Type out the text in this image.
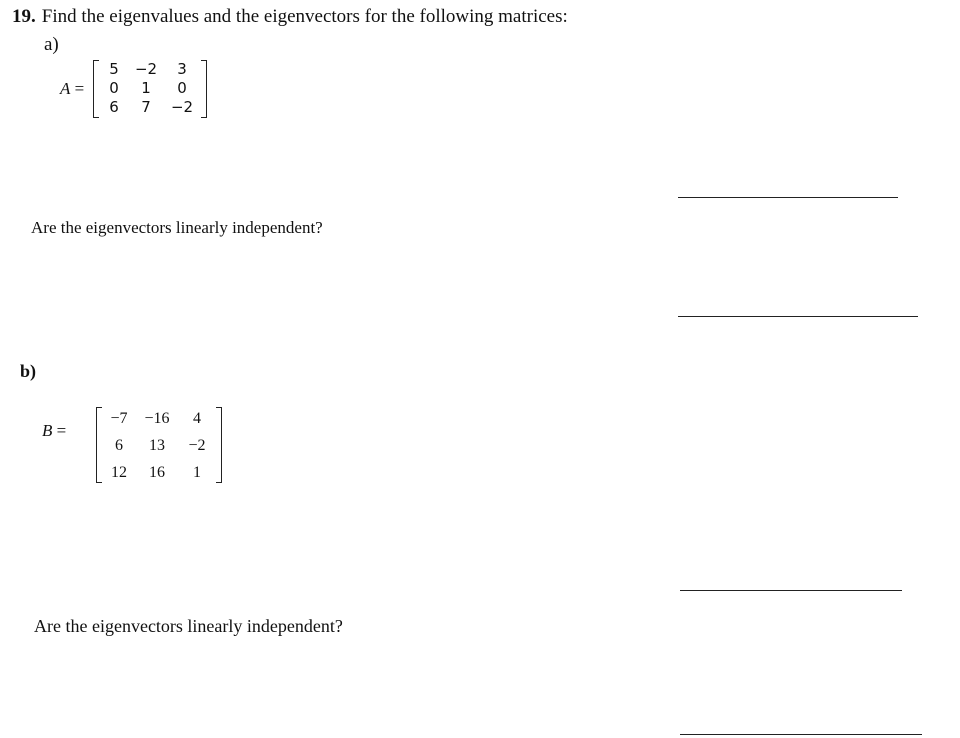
19. Find the eigenvalues and the eigenvectors for the following matrices:
a)
A =
5	−2	3
0	1	0
6	7	−2
Are the eigenvectors linearly independent?
b)
B =
−7	−16	4
6	13	−2
12	16	1
Are the eigenvectors linearly independent?
